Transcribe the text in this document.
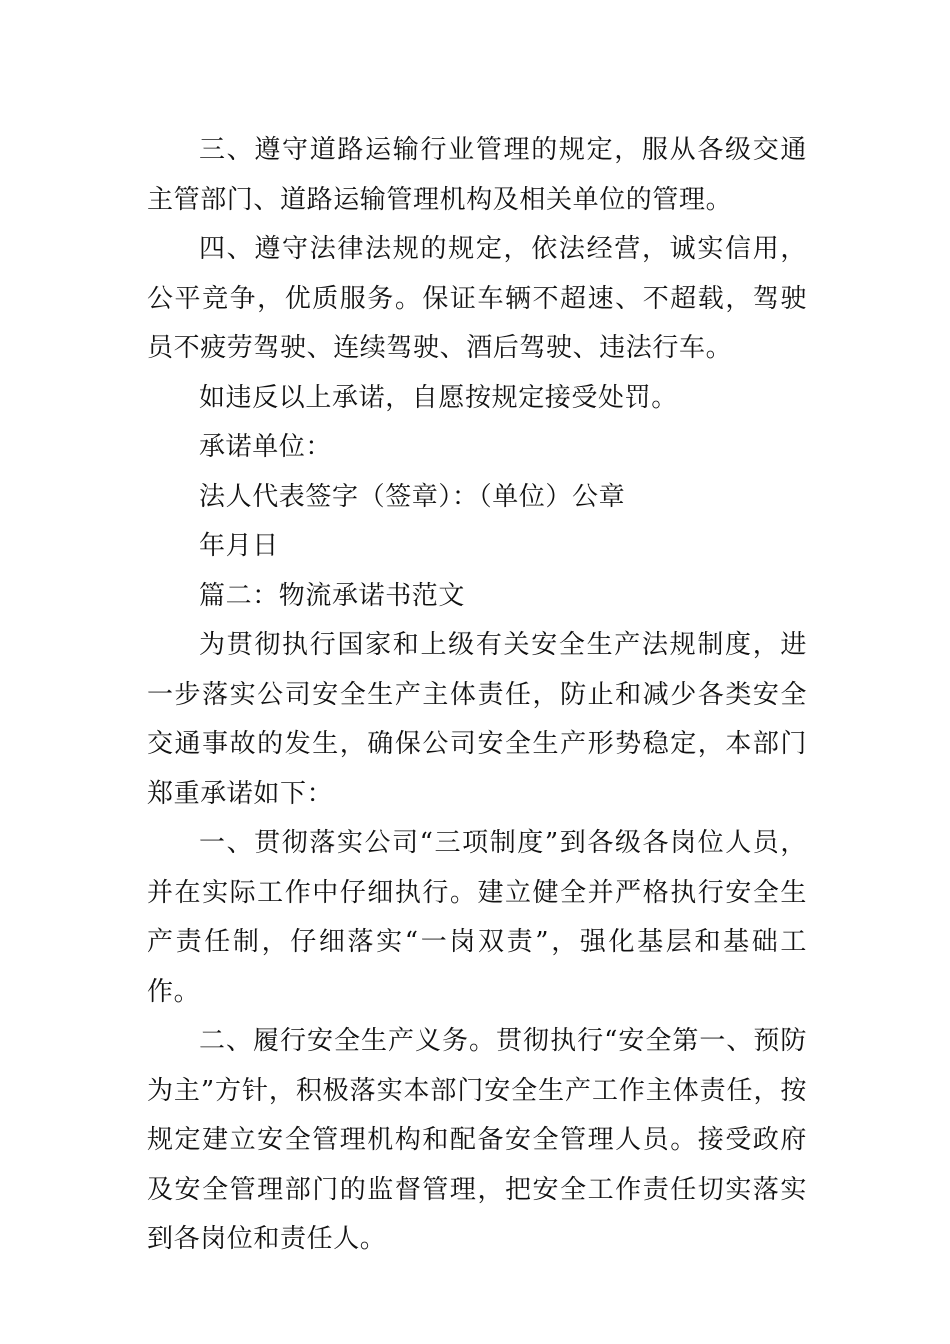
三、遵守道路运输行业管理的规定，服从各级交通主管部门、道路运输管理机构及相关单位的管理。

四、遵守法律法规的规定，依法经营，诚实信用，公平竞争，优质服务。保证车辆不超速、不超载，驾驶员不疲劳驾驶、连续驾驶、酒后驾驶、违法行车。

如违反以上承诺，自愿按规定接受处罚。

承诺单位：

法人代表签字（签章）：（单位）公章

年月日

篇二：物流承诺书范文

为贯彻执行国家和上级有关安全生产法规制度，进一步落实公司安全生产主体责任，防止和减少各类安全交通事故的发生，确保公司安全生产形势稳定，本部门郑重承诺如下：

一、贯彻落实公司“三项制度”到各级各岗位人员，并在实际工作中仔细执行。建立健全并严格执行安全生产责任制，仔细落实“一岗双责”，强化基层和基础工作。

二、履行安全生产义务。贯彻执行“安全第一、预防为主”方针，积极落实本部门安全生产工作主体责任，按规定建立安全管理机构和配备安全管理人员。接受政府及安全管理部门的监督管理，把安全工作责任切实落实到各岗位和责任人。
